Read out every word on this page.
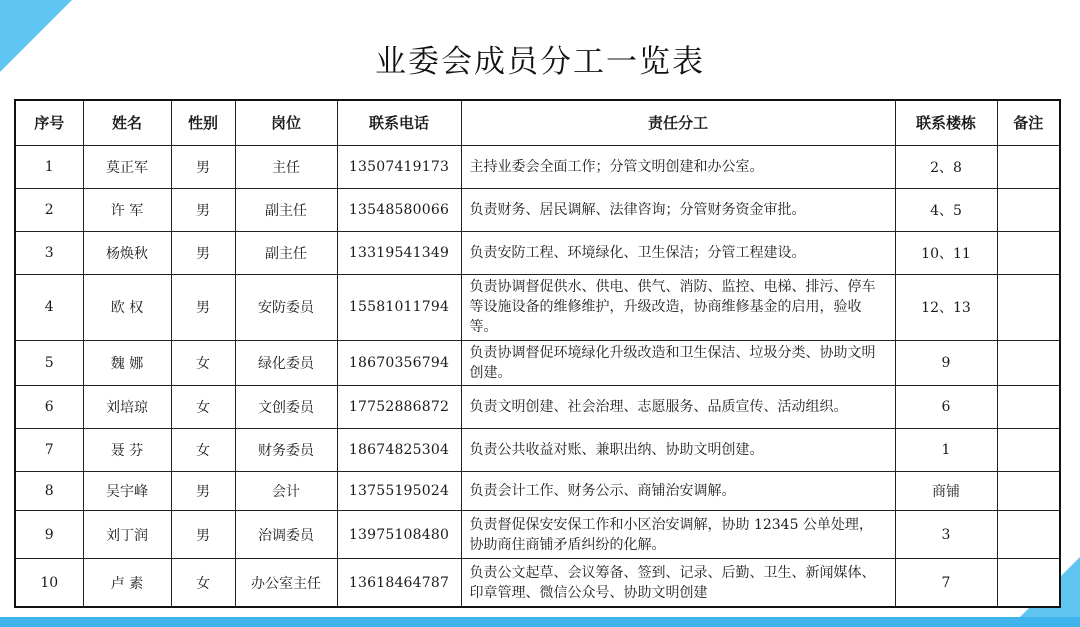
业委会成员分工一览表
序号	姓名	性别	岗位	联系电话	责任分工	联系楼栋	备注
1	莫正军	男	主任	13507419173	主持业委会全面工作；分管文明创建和办公室。	2、8	
2	许 军	男	副主任	13548580066	负责财务、居民调解、法律咨询；分管财务资金审批。	4、5	
3	杨焕秋	男	副主任	13319541349	负责安防工程、环境绿化、卫生保洁；分管工程建设。	10、11	
4	欧 权	男	安防委员	15581011794	负责协调督促供水、供电、供气、消防、监控、电梯、排污、停车等设施设备的维修维护，升级改造，协商维修基金的启用，验收等。	12、13	
5	魏 娜	女	绿化委员	18670356794	负责协调督促环境绿化升级改造和卫生保洁、垃圾分类、协助文明创建。	9	
6	刘培琼	女	文创委员	17752886872	负责文明创建、社会治理、志愿服务、品质宣传、活动组织。	6	
7	聂 芬	女	财务委员	18674825304	负责公共收益对账、兼职出纳、协助文明创建。	1	
8	吴宇峰	男	会计	13755195024	负责会计工作、财务公示、商铺治安调解。	商铺	
9	刘丁润	男	治调委员	13975108480	负责督促保安安保工作和小区治安调解，协助 12345 公单处理，协助商住商铺矛盾纠纷的化解。	3	
10	卢 素	女	办公室主任	13618464787	负责公文起草、会议筹备、签到、记录、后勤、卫生、新闻媒体、印章管理、微信公众号、协助文明创建	7	
